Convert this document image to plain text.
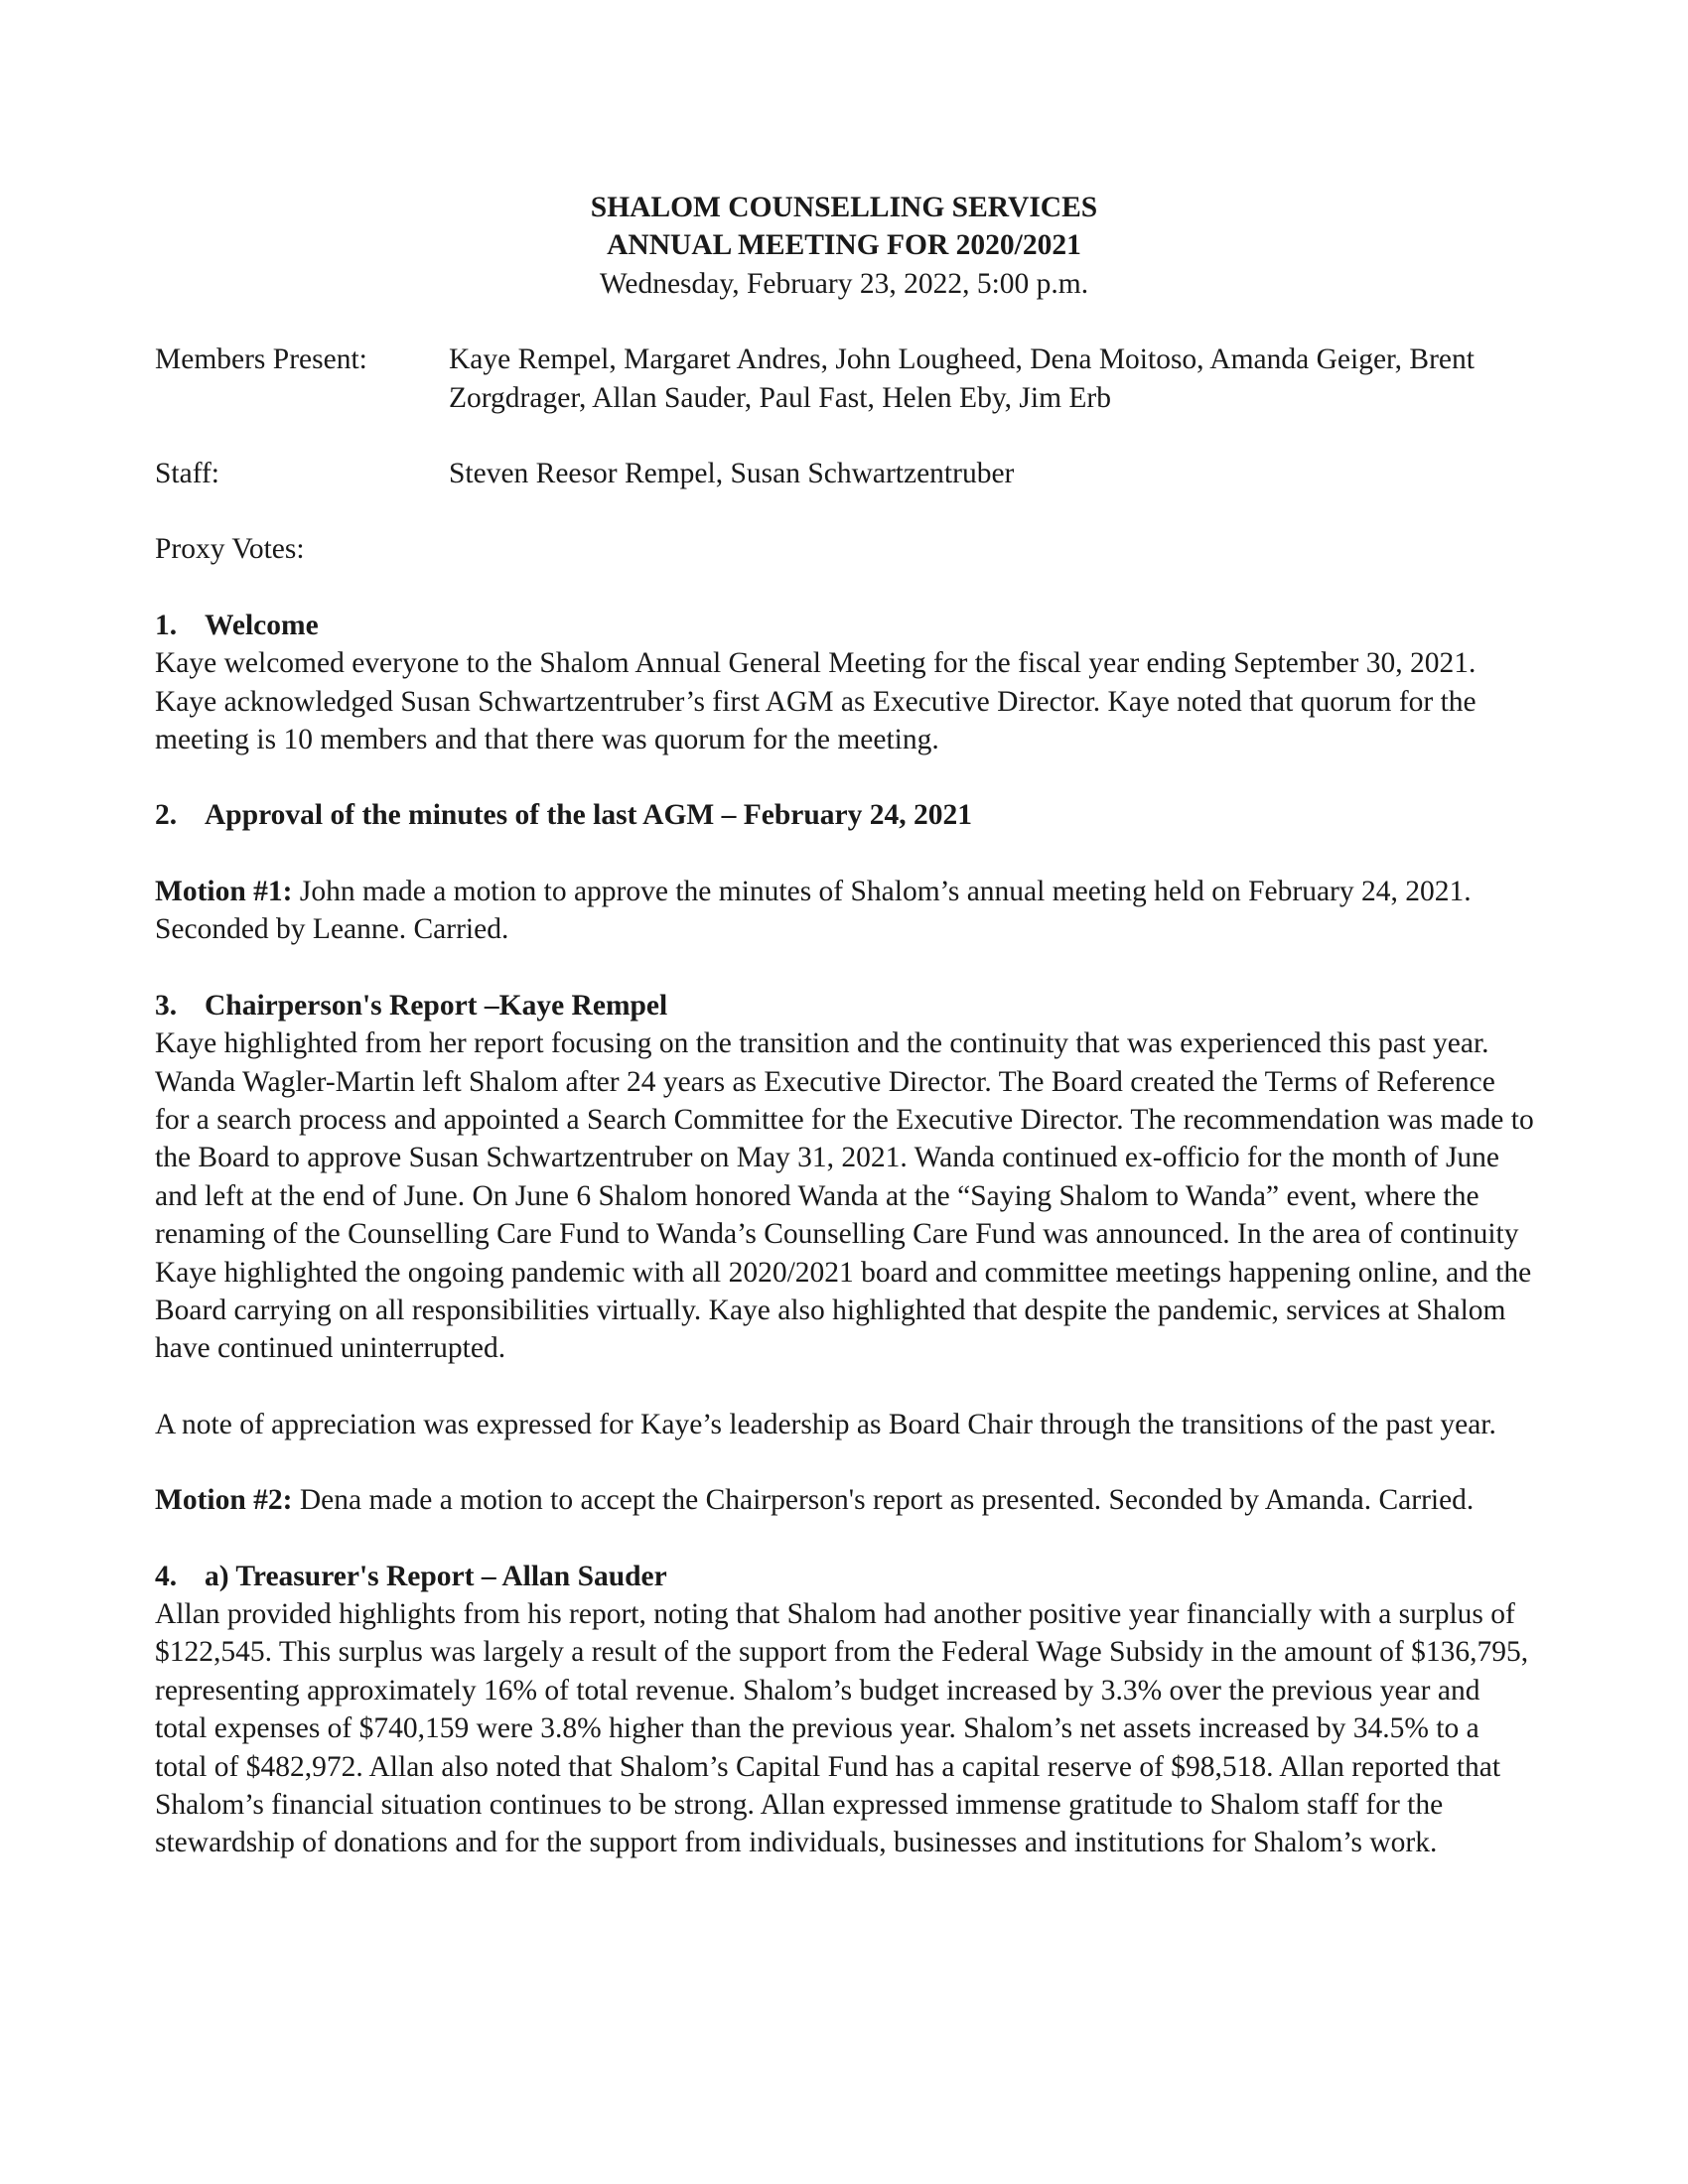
SHALOM COUNSELLING SERVICES
ANNUAL MEETING FOR 2020/2021
Wednesday, February 23, 2022, 5:00 p.m.
Members Present:	Kaye Rempel, Margaret Andres, John Lougheed, Dena Moitoso, Amanda Geiger, Brent Zorgdrager, Allan Sauder, Paul Fast, Helen Eby, Jim Erb
Staff:	Steven Reesor Rempel, Susan Schwartzentruber
Proxy Votes:
1. Welcome

Kaye welcomed everyone to the Shalom Annual General Meeting for the fiscal year ending September 30, 2021. Kaye acknowledged Susan Schwartzentruber’s first AGM as Executive Director. Kaye noted that quorum for the meeting is 10 members and that there was quorum for the meeting.

2. Approval of the minutes of the last AGM – February 24, 2021

Motion #1: John made a motion to approve the minutes of Shalom’s annual meeting held on February 24, 2021. Seconded by Leanne. Carried.

3. Chairperson's Report –Kaye Rempel

Kaye highlighted from her report focusing on the transition and the continuity that was experienced this past year. Wanda Wagler-Martin left Shalom after 24 years as Executive Director. The Board created the Terms of Reference for a search process and appointed a Search Committee for the Executive Director. The recommendation was made to the Board to approve Susan Schwartzentruber on May 31, 2021. Wanda continued ex-officio for the month of June and left at the end of June. On June 6 Shalom honored Wanda at the “Saying Shalom to Wanda” event, where the renaming of the Counselling Care Fund to Wanda’s Counselling Care Fund was announced. In the area of continuity Kaye highlighted the ongoing pandemic with all 2020/2021 board and committee meetings happening online, and the Board carrying on all responsibilities virtually. Kaye also highlighted that despite the pandemic, services at Shalom have continued uninterrupted.

A note of appreciation was expressed for Kaye’s leadership as Board Chair through the transitions of the past year.

Motion #2: Dena made a motion to accept the Chairperson's report as presented. Seconded by Amanda. Carried.

4. a) Treasurer's Report – Allan Sauder

Allan provided highlights from his report, noting that Shalom had another positive year financially with a surplus of $122,545. This surplus was largely a result of the support from the Federal Wage Subsidy in the amount of $136,795, representing approximately 16% of total revenue. Shalom’s budget increased by 3.3% over the previous year and total expenses of $740,159 were 3.8% higher than the previous year. Shalom’s net assets increased by 34.5% to a total of $482,972. Allan also noted that Shalom’s Capital Fund has a capital reserve of $98,518. Allan reported that Shalom’s financial situation continues to be strong. Allan expressed immense gratitude to Shalom staff for the stewardship of donations and for the support from individuals, businesses and institutions for Shalom’s work.
